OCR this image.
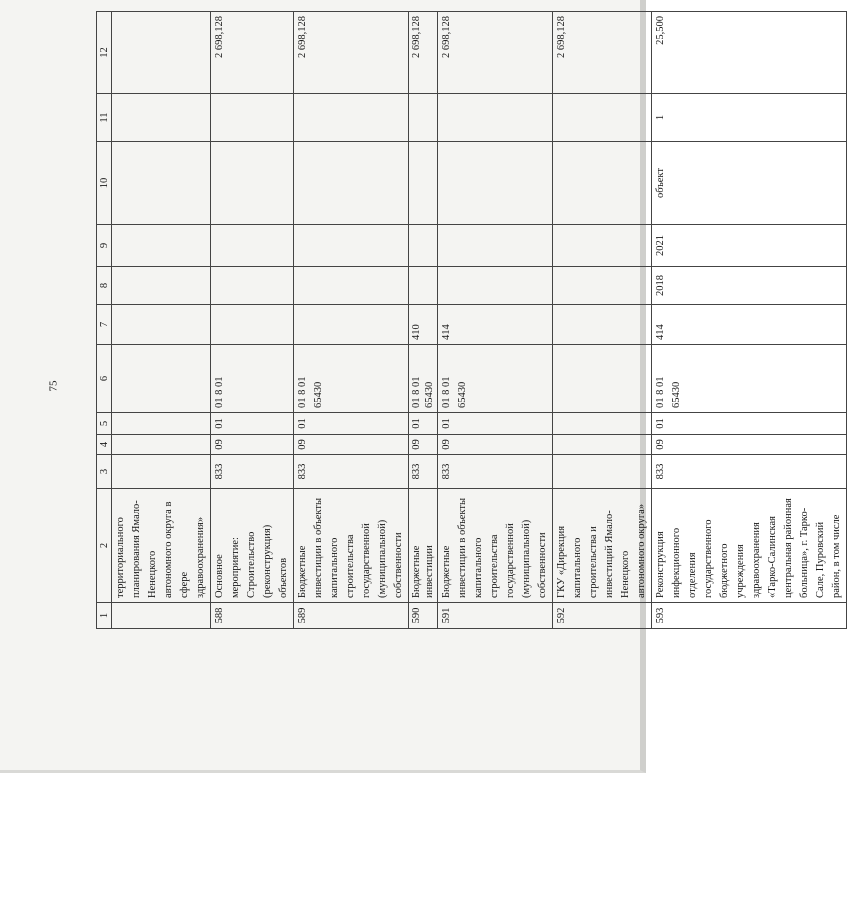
75
1	2	3	4	5	6	7	8	9	10	11	12
	территориального планирования Ямало-Ненецкого автономного округа в сфере здравоохранения»										
588	Основное мероприятие: Строительство (реконструкция) объектов	833	09	01	01 8 01						2 698,128
589	Бюджетные инвестиции в объекты капитального строительства государственной (муниципальной) собственности	833	09	01	01 8 01 65430						2 698,128
590	Бюджетные инвестиции	833	09	01	01 8 01 65430	410					2 698,128
591	Бюджетные инвестиции в объекты капитального строительства государственной (муниципальной) собственности	833	09	01	01 8 01 65430	414					2 698,128
592	ГКУ «Дирекция капитального строительства и инвестиций Ямало-Ненецкого автономного округа»										2 698,128
593	Реконструкция инфекционного отделения государственного бюджетного учреждения здравоохранения «Тарко-Салинская центральная районная больница», г. Тарко-Сале, Пуровский район, в том числе	833	09	01	01 8 01 65430	414	2018	2021	объект	1	25,500
